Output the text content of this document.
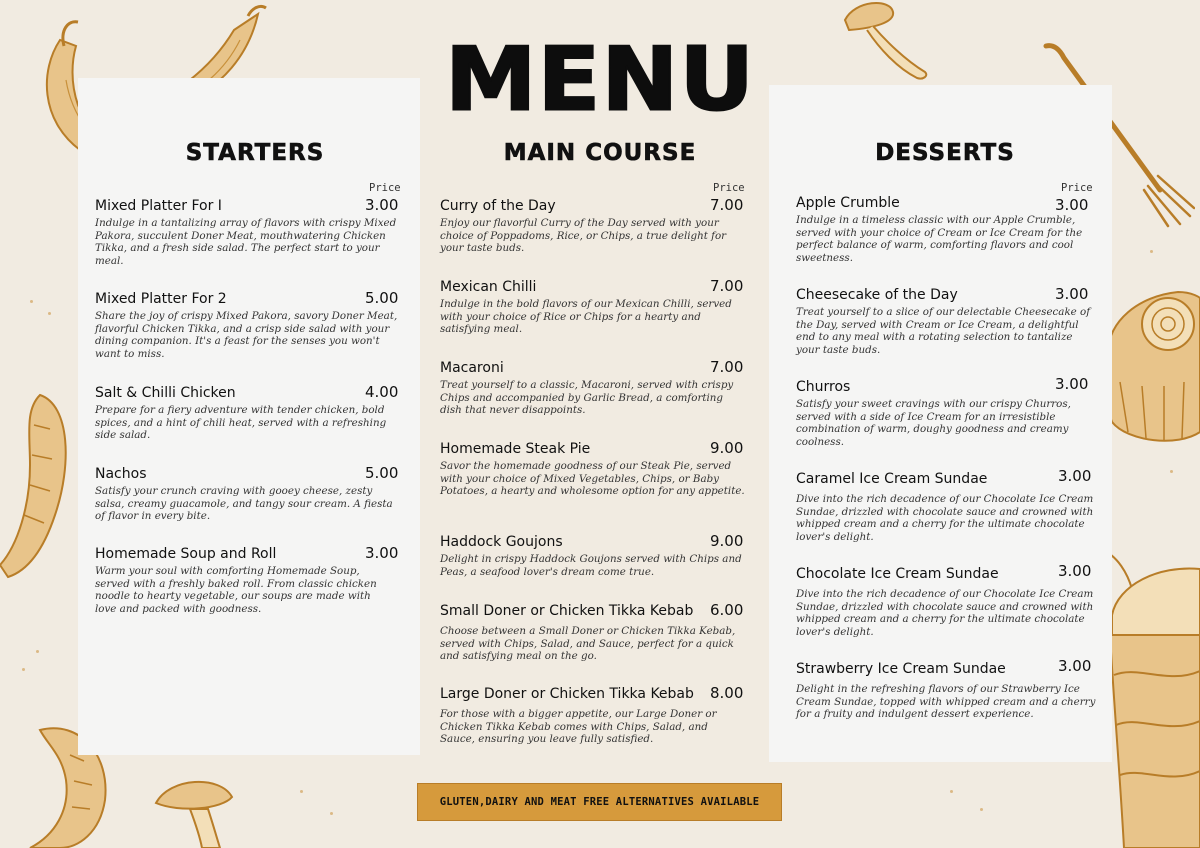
MENU
STARTERS	MAIN COURSE	DESSERTS
Price	Price	Price
Mixed Platter For I	3.00
Indulge in a tantalizing array of flavors with crispy Mixed Pakora, succulent Doner Meat, mouthwatering Chicken Tikka, and a fresh side salad. The perfect start to your meal.
Mixed Platter For 2	5.00
Share the joy of crispy Mixed Pakora, savory Doner Meat, flavorful Chicken Tikka, and a crisp side salad with your dining companion. It's a feast for the senses you won't want to miss.
Salt & Chilli Chicken	4.00
Prepare for a fiery adventure with tender chicken, bold spices, and a hint of chili heat, served with a refreshing side salad.
Nachos	5.00
Satisfy your crunch craving with gooey cheese, zesty salsa, creamy guacamole, and tangy sour cream. A fiesta of flavor in every bite.
Homemade Soup and Roll	3.00
Warm your soul with comforting Homemade Soup, served with a freshly baked roll. From classic chicken noodle to hearty vegetable, our soups are made with love and packed with goodness.
Curry of the Day	7.00
Enjoy our flavorful Curry of the Day served with your choice of Poppadoms, Rice, or Chips, a true delight for your taste buds.
Mexican Chilli	7.00
Indulge in the bold flavors of our Mexican Chilli, served with your choice of Rice or Chips for a hearty and satisfying meal.
Macaroni	7.00
Treat yourself to a classic, Macaroni, served with crispy Chips and accompanied by Garlic Bread, a comforting dish that never disappoints.
Homemade Steak Pie	9.00
Savor the homemade goodness of our Steak Pie, served with your choice of Mixed Vegetables, Chips, or Baby Potatoes, a hearty and wholesome option for any appetite.
Haddock Goujons	9.00
Delight in crispy Haddock Goujons served with Chips and Peas, a seafood lover's dream come true.
Small Doner or Chicken Tikka Kebab 6.00
Choose between a Small Doner or Chicken Tikka Kebab, served with Chips, Salad, and Sauce, perfect for a quick and satisfying meal on the go.
Large Doner or Chicken Tikka Kebab 8.00
For those with a bigger appetite, our Large Doner or Chicken Tikka Kebab comes with Chips, Salad, and Sauce, ensuring you leave fully satisfied.
Apple Crumble	3.00
Indulge in a timeless classic with our Apple Crumble, served with your choice of Cream or Ice Cream for the perfect balance of warm, comforting flavors and cool sweetness.
Cheesecake of the Day	3.00
Treat yourself to a slice of our delectable Cheesecake of the Day, served with Cream or Ice Cream, a delightful end to any meal with a rotating selection to tantalize your taste buds.
Churros	3.00
Satisfy your sweet cravings with our crispy Churros, served with a side of Ice Cream for an irresistible combination of warm, doughy goodness and creamy coolness.
Caramel Ice Cream Sundae	3.00
Dive into the rich decadence of our Chocolate Ice Cream Sundae, drizzled with chocolate sauce and crowned with whipped cream and a cherry for the ultimate chocolate lover's delight.
Chocolate Ice Cream Sundae	3.00
Dive into the rich decadence of our Chocolate Ice Cream Sundae, drizzled with chocolate sauce and crowned with whipped cream and a cherry for the ultimate chocolate lover's delight.
Strawberry Ice Cream Sundae	3.00
Delight in the refreshing flavors of our Strawberry Ice Cream Sundae, topped with whipped cream and a cherry for a fruity and indulgent dessert experience.
GLUTEN,DAIRY AND MEAT FREE ALTERNATIVES AVAILABLE
